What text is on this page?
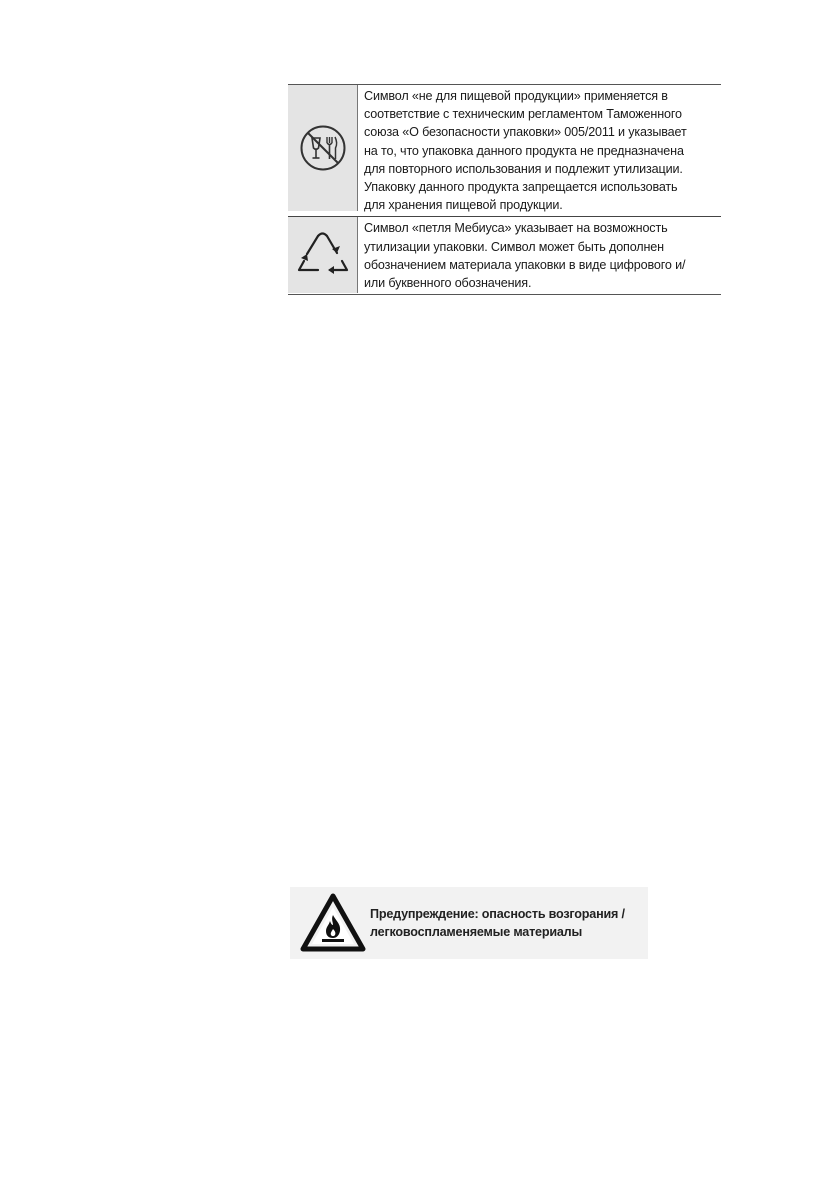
Символ «не для пищевой продукции» применяется в
соответствие с техническим регламентом Таможенного
союза «О безопасности упаковки» 005/2011 и указывает
на то, что упаковка данного продукта не предназначена
для повторного использования и подлежит утилизации.
Упаковку данного продукта запрещается использовать
для хранения пищевой продукции.
Символ «петля Мебиуса» указывает на возможность
утилизации упаковки. Символ может быть дополнен
обозначением материала упаковки в виде цифрового и/
или буквенного обозначения.
Предупреждение: опасность возгорания /
легковоспламеняемые материалы
